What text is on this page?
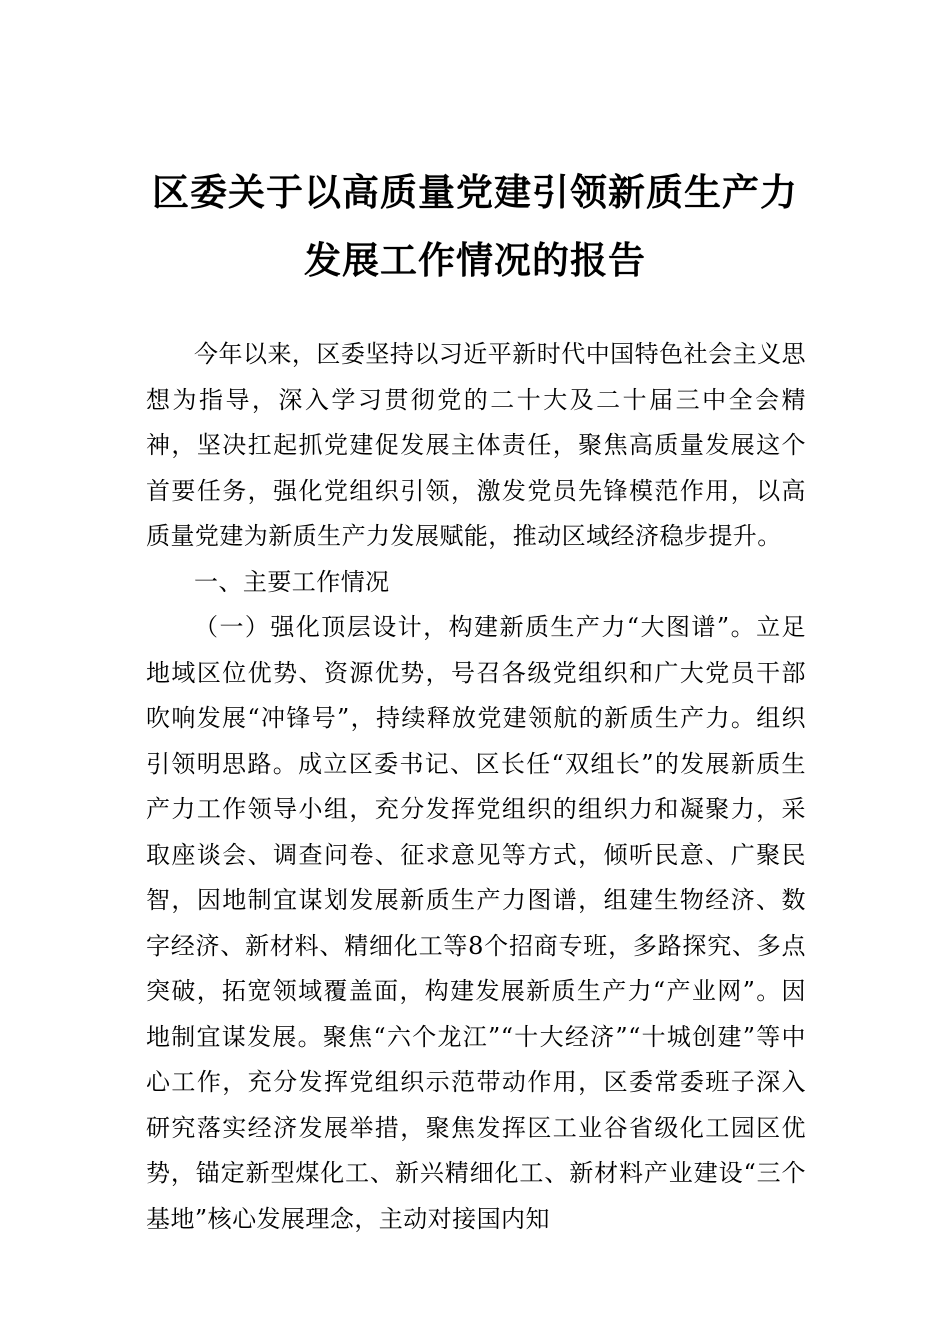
区委关于以高质量党建引领新质生产力发展工作情况的报告

今年以来，区委坚持以习近平新时代中国特色社会主义思想为指导，深入学习贯彻党的二十大及二十届三中全会精神，坚决扛起抓党建促发展主体责任，聚焦高质量发展这个首要任务，强化党组织引领，激发党员先锋模范作用，以高质量党建为新质生产力发展赋能，推动区域经济稳步提升。

一、主要工作情况

（一）强化顶层设计，构建新质生产力“大图谱”。立足地域区位优势、资源优势，号召各级党组织和广大党员干部吹响发展“冲锋号”，持续释放党建领航的新质生产力。组织引领明思路。成立区委书记、区长任“双组长”的发展新质生产力工作领导小组，充分发挥党组织的组织力和凝聚力，采取座谈会、调查问卷、征求意见等方式，倾听民意、广聚民智，因地制宜谋划发展新质生产力图谱，组建生物经济、数字经济、新材料、精细化工等8个招商专班，多路探究、多点突破，拓宽领域覆盖面，构建发展新质生产力“产业网”。因地制宜谋发展。聚焦“六个龙江”“十大经济”“十城创建”等中心工作，充分发挥党组织示范带动作用，区委常委班子深入研究落实经济发展举措，聚焦发挥区工业谷省级化工园区优势，锚定新型煤化工、新兴精细化工、新材料产业建设“三个基地”核心发展理念，主动对接国内知
